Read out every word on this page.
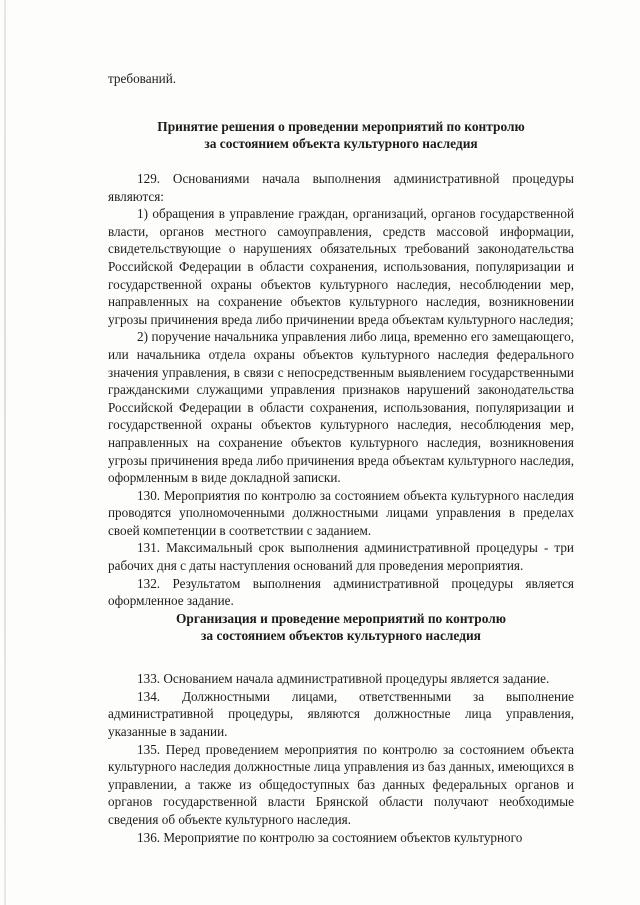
требований.

Принятие решения о проведении мероприятий по контролю
за состоянием объекта культурного наследия

129. Основаниями начала выполнения административной процедуры являются:

1) обращения в управление граждан, организаций, органов государственной власти, органов местного самоуправления, средств массовой информации, свидетельствующие о нарушениях обязательных требований законодательства Российской Федерации в области сохранения, использования, популяризации и государственной охраны объектов культурного наследия, несоблюдении мер, направленных на сохранение объектов культурного наследия, возникновении угрозы причинения вреда либо причинении вреда объектам культурного наследия;

2) поручение начальника управления либо лица, временно его замещающего, или начальника отдела охраны объектов культурного наследия федерального значения управления, в связи с непосредственным выявлением государственными гражданскими служащими управления признаков нарушений законодательства Российской Федерации в области сохранения, использования, популяризации и государственной охраны объектов культурного наследия, несоблюдения мер, направленных на сохранение объектов культурного наследия, возникновения угрозы причинения вреда либо причинения вреда объектам культурного наследия, оформленным в виде докладной записки.

130. Мероприятия по контролю за состоянием объекта культурного наследия проводятся уполномоченными должностными лицами управления в пределах своей компетенции в соответствии с заданием.

131. Максимальный срок выполнения административной процедуры - три рабочих дня с даты наступления оснований для проведения мероприятия.

132. Результатом выполнения административной процедуры является оформленное задание.

Организация и проведение мероприятий по контролю
за состоянием объектов культурного наследия

133. Основанием начала административной процедуры является задание.

134. Должностными лицами, ответственными за выполнение административной процедуры, являются должностные лица управления, указанные в задании.

135. Перед проведением мероприятия по контролю за состоянием объекта культурного наследия должностные лица управления из баз данных, имеющихся в управлении, а также из общедоступных баз данных федеральных органов и органов государственной власти Брянской области получают необходимые сведения об объекте культурного наследия.

136. Мероприятие по контролю за состоянием объектов культурного
